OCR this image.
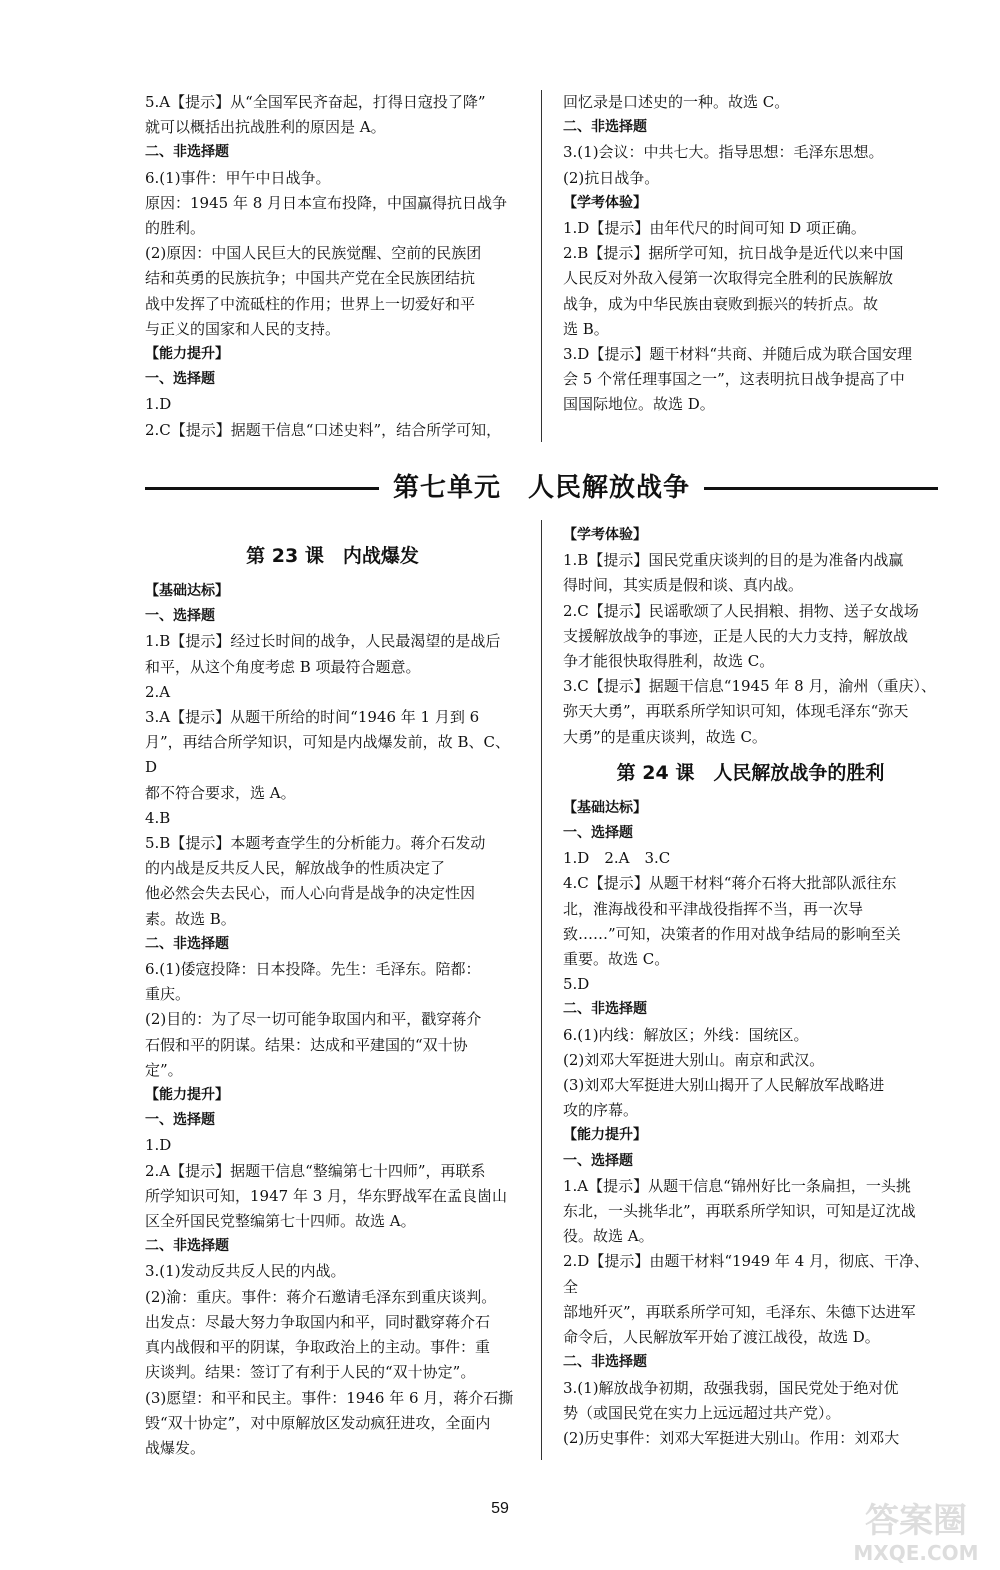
5.A【提示】从“全国军民齐奋起，打得日寇投了降”

就可以概括出抗战胜利的原因是 A。

二、非选择题

6.(1)事件：甲午中日战争。

原因：1945 年 8 月日本宣布投降，中国赢得抗日战争

的胜利。

(2)原因：中国人民巨大的民族觉醒、空前的民族团

结和英勇的民族抗争；中国共产党在全民族团结抗

战中发挥了中流砥柱的作用；世界上一切爱好和平

与正义的国家和人民的支持。

【能力提升】

一、选择题

1.D

2.C【提示】据题干信息“口述史料”，结合所学可知，

回忆录是口述史的一种。故选 C。

二、非选择题

3.(1)会议：中共七大。指导思想：毛泽东思想。

(2)抗日战争。

【学考体验】

1.D【提示】由年代尺的时间可知 D 项正确。

2.B【提示】据所学可知，抗日战争是近代以来中国

人民反对外敌入侵第一次取得完全胜利的民族解放

战争，成为中华民族由衰败到振兴的转折点。故

选 B。

3.D【提示】题干材料“共商、并随后成为联合国安理

会 5 个常任理事国之一”，这表明抗日战争提高了中

国国际地位。故选 D。

第七单元　人民解放战争

第 23 课　内战爆发

【基础达标】

一、选择题

1.B【提示】经过长时间的战争，人民最渴望的是战后

和平，从这个角度考虑 B 项最符合题意。

2.A

3.A【提示】从题干所给的时间“1946 年 1 月到 6

月”，再结合所学知识，可知是内战爆发前，故 B、C、D

都不符合要求，选 A。

4.B

5.B【提示】本题考查学生的分析能力。蒋介石发动

的内战是反共反人民，解放战争的性质决定了

他必然会失去民心，而人心向背是战争的决定性因

素。故选 B。

二、非选择题

6.(1)倭寇投降：日本投降。先生：毛泽东。陪都：

重庆。

(2)目的：为了尽一切可能争取国内和平，戳穿蒋介

石假和平的阴谋。结果：达成和平建国的“双十协

定”。

【能力提升】

一、选择题

1.D

2.A【提示】据题干信息“整编第七十四师”，再联系

所学知识可知，1947 年 3 月，华东野战军在孟良崮山

区全歼国民党整编第七十四师。故选 A。

二、非选择题

3.(1)发动反共反人民的内战。

(2)渝：重庆。事件：蒋介石邀请毛泽东到重庆谈判。

出发点：尽最大努力争取国内和平，同时戳穿蒋介石

真内战假和平的阴谋，争取政治上的主动。事件：重

庆谈判。结果：签订了有利于人民的“双十协定”。

(3)愿望：和平和民主。事件：1946 年 6 月，蒋介石撕

毁“双十协定”，对中原解放区发动疯狂进攻，全面内

战爆发。

【学考体验】

1.B【提示】国民党重庆谈判的目的是为准备内战赢

得时间，其实质是假和谈、真内战。

2.C【提示】民谣歌颂了人民捐粮、捐物、送子女战场

支援解放战争的事迹，正是人民的大力支持，解放战

争才能很快取得胜利，故选 C。

3.C【提示】据题干信息“1945 年 8 月，渝州（重庆）、

弥天大勇”，再联系所学知识可知，体现毛泽东“弥天

大勇”的是重庆谈判，故选 C。

第 24 课　人民解放战争的胜利

【基础达标】

一、选择题

1.D　2.A　3.C

4.C【提示】从题干材料“蒋介石将大批部队派往东

北，淮海战役和平津战役指挥不当，再一次导

致……”可知，决策者的作用对战争结局的影响至关

重要。故选 C。

5.D

二、非选择题

6.(1)内线：解放区；外线：国统区。

(2)刘邓大军挺进大别山。南京和武汉。

(3)刘邓大军挺进大别山揭开了人民解放军战略进

攻的序幕。

【能力提升】

一、选择题

1.A【提示】从题干信息“锦州好比一条扁担，一头挑

东北，一头挑华北”，再联系所学知识，可知是辽沈战

役。故选 A。

2.D【提示】由题干材料“1949 年 4 月，彻底、干净、全

部地歼灭”，再联系所学可知，毛泽东、朱德下达进军

命令后，人民解放军开始了渡江战役，故选 D。

二、非选择题

3.(1)解放战争初期，敌强我弱，国民党处于绝对优

势（或国民党在实力上远远超过共产党）。

(2)历史事件：刘邓大军挺进大别山。作用：刘邓大

59	答案圈
MXQE.COM
